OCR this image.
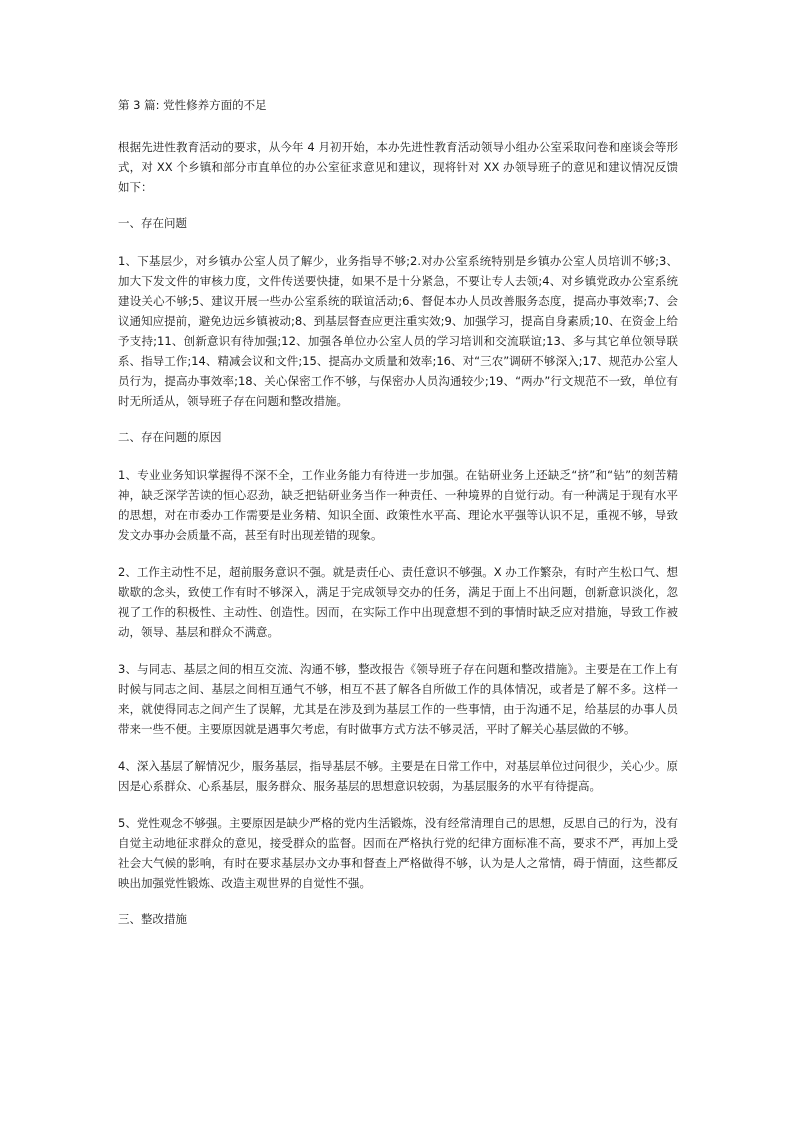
第 3 篇: 党性修养方面的不足

根据先进性教育活动的要求，从今年 4 月初开始，本办先进性教育活动领导小组办公室采取问卷和座谈会等形式，对 XX 个乡镇和部分市直单位的办公室征求意见和建议，现将针对 XX 办领导班子的意见和建议情况反馈如下：

一、存在问题

1、下基层少，对乡镇办公室人员了解少，业务指导不够;2.对办公室系统特别是乡镇办公室人员培训不够;3、加大下发文件的审核力度，文件传送要快捷，如果不是十分紧急，不要让专人去领;4、对乡镇党政办公室系统建设关心不够;5、建议开展一些办公室系统的联谊活动;6、督促本办人员改善服务态度，提高办事效率;7、会议通知应提前，避免边远乡镇被动;8、到基层督查应更注重实效;9、加强学习，提高自身素质;10、在资金上给予支持;11、创新意识有待加强;12、加强各单位办公室人员的学习培训和交流联谊;13、多与其它单位领导联系、指导工作;14、精减会议和文件;15、提高办文质量和效率;16、对“三农”调研不够深入;17、规范办公室人员行为，提高办事效率;18、关心保密工作不够，与保密办人员沟通较少;19、“两办”行文规范不一致，单位有时无所适从，领导班子存在问题和整改措施。

二、存在问题的原因

1、专业业务知识掌握得不深不全，工作业务能力有待进一步加强。在钻研业务上还缺乏“挤”和“钻”的刻苦精神，缺乏深学苦读的恒心忍劲，缺乏把钻研业务当作一种责任、一种境界的自觉行动。有一种满足于现有水平的思想，对在市委办工作需要是业务精、知识全面、政策性水平高、理论水平强等认识不足，重视不够，导致发文办事办会质量不高，甚至有时出现差错的现象。

2、工作主动性不足，超前服务意识不强。就是责任心、责任意识不够强。X 办工作繁杂，有时产生松口气、想歇歇的念头，致使工作有时不够深入，满足于完成领导交办的任务，满足于面上不出问题，创新意识淡化，忽视了工作的积极性、主动性、创造性。因而，在实际工作中出现意想不到的事情时缺乏应对措施，导致工作被动，领导、基层和群众不满意。

3、与同志、基层之间的相互交流、沟通不够，整改报告《领导班子存在问题和整改措施》。主要是在工作上有时候与同志之间、基层之间相互通气不够，相互不甚了解各自所做工作的具体情况，或者是了解不多。这样一来，就使得同志之间产生了误解，尤其是在涉及到为基层工作的一些事情，由于沟通不足，给基层的办事人员带来一些不便。主要原因就是遇事欠考虑，有时做事方式方法不够灵活，平时了解关心基层做的不够。

4、深入基层了解情况少，服务基层，指导基层不够。主要是在日常工作中，对基层单位过问很少，关心少。原因是心系群众、心系基层，服务群众、服务基层的思想意识较弱，为基层服务的水平有待提高。

5、党性观念不够强。主要原因是缺少严格的党内生活锻炼，没有经常清理自己的思想，反思自己的行为，没有自觉主动地征求群众的意见，接受群众的监督。因而在严格执行党的纪律方面标准不高，要求不严，再加上受社会大气候的影响，有时在要求基层办文办事和督查上严格做得不够，认为是人之常情，碍于情面，这些都反映出加强党性锻炼、改造主观世界的自觉性不强。

三、整改措施
